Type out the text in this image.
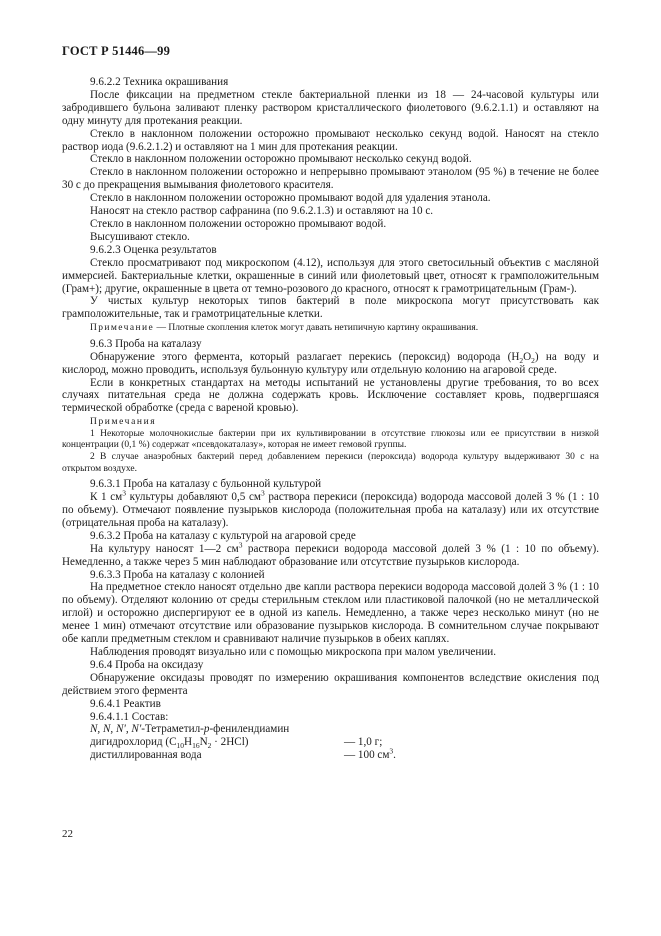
ГОСТ Р 51446—99

9.6.2.2 Техника окрашивания

После фиксации на предметном стекле бактериальной пленки из 18 — 24-часовой культуры или забродившего бульона заливают пленку раствором кристаллического фиолетового (9.6.2.1.1) и оставляют на одну минуту для протекания реакции.

Стекло в наклонном положении осторожно промывают несколько секунд водой. Наносят на стекло раствор иода (9.6.2.1.2) и оставляют на 1 мин для протекания реакции.

Стекло в наклонном положении осторожно промывают несколько секунд водой.

Стекло в наклонном положении осторожно и непрерывно промывают этанолом (95 %) в течение не более 30 с до прекращения вымывания фиолетового красителя.

Стекло в наклонном положении осторожно промывают водой для удаления этанола.

Наносят на стекло раствор сафранина (по 9.6.2.1.3) и оставляют на 10 с.

Стекло в наклонном положении осторожно промывают водой.

Высушивают стекло.

9.6.2.3 Оценка результатов

Стекло просматривают под микроскопом (4.12), используя для этого светосильный объектив с масляной иммерсией. Бактериальные клетки, окрашенные в синий или фиолетовый цвет, относят к грамположительным (Грам+); другие, окрашенные в цвета от темно-розового до красного, относят к грамотрицательным (Грам-).

У чистых культур некоторых типов бактерий в поле микроскопа могут присутствовать как грамположительные, так и грамотрицательные клетки.

Примечание — Плотные скопления клеток могут давать нетипичную картину окрашивания.

9.6.3 Проба на каталазу

Обнаружение этого фермента, который разлагает перекись (пероксид) водорода $(H_2O_2)$ на воду и кислород, можно проводить, используя бульонную культуру или отдельную колонию на агаровой среде.

Если в конкретных стандартах на методы испытаний не установлены другие требования, то во всех случаях питательная среда не должна содержать кровь. Исключение составляет кровь, подвергшаяся термической обработке (среда с вареной кровью).

Примечания

1 Некоторые молочнокислые бактерии при их культивировании в отсутствие глюкозы или ее присутствии в низкой концентрации (0,1 %) содержат «псевдокаталазу», которая не имеет гемовой группы.

2 В случае анаэробных бактерий перед добавлением перекиси (пероксида) водорода культуру выдерживают 30 с на открытом воздухе.

9.6.3.1 Проба на каталазу с бульонной культурой

К 1 $см^3$ культуры добавляют 0,5 $см^3$ раствора перекиси (пероксида) водорода массовой долей 3 % (1 : 10 по объему). Отмечают появление пузырьков кислорода (положительная проба на каталазу) или их отсутствие (отрицательная проба на каталазу).

9.6.3.2 Проба на каталазу с культурой на агаровой среде

На культуру наносят 1—2 $см^3$ раствора перекиси водорода массовой долей 3 % (1 : 10 по объему). Немедленно, а также через 5 мин наблюдают образование или отсутствие пузырьков кислорода.

9.6.3.3 Проба на каталазу с колонией

На предметное стекло наносят отдельно две капли раствора перекиси водорода массовой долей 3 % (1 : 10 по объему). Отделяют колонию от среды стерильным стеклом или пластиковой палочкой (но не металлической иглой) и осторожно диспергируют ее в одной из капель. Немедленно, а также через несколько минут (но не менее 1 мин) отмечают отсутствие или образование пузырьков кислорода. В сомнительном случае покрывают обе капли предметным стеклом и сравнивают наличие пузырьков в обеих каплях.

Наблюдения проводят визуально или с помощью микроскопа при малом увеличении.

9.6.4 Проба на оксидазу

Обнаружение оксидазы проводят по измерению окрашивания компонентов вследствие окисления под действием этого фермента

9.6.4.1 Реактив

9.6.4.1.1 Состав:

N, N, N', N'-Тетраметил-p-фенилендиамин
дигидрохлорид $(C_{10}H_{16}N_2 \cdot 2HCl)$	— 1,0 г;
дистиллированная вода	— 100 $см^3$.
22
